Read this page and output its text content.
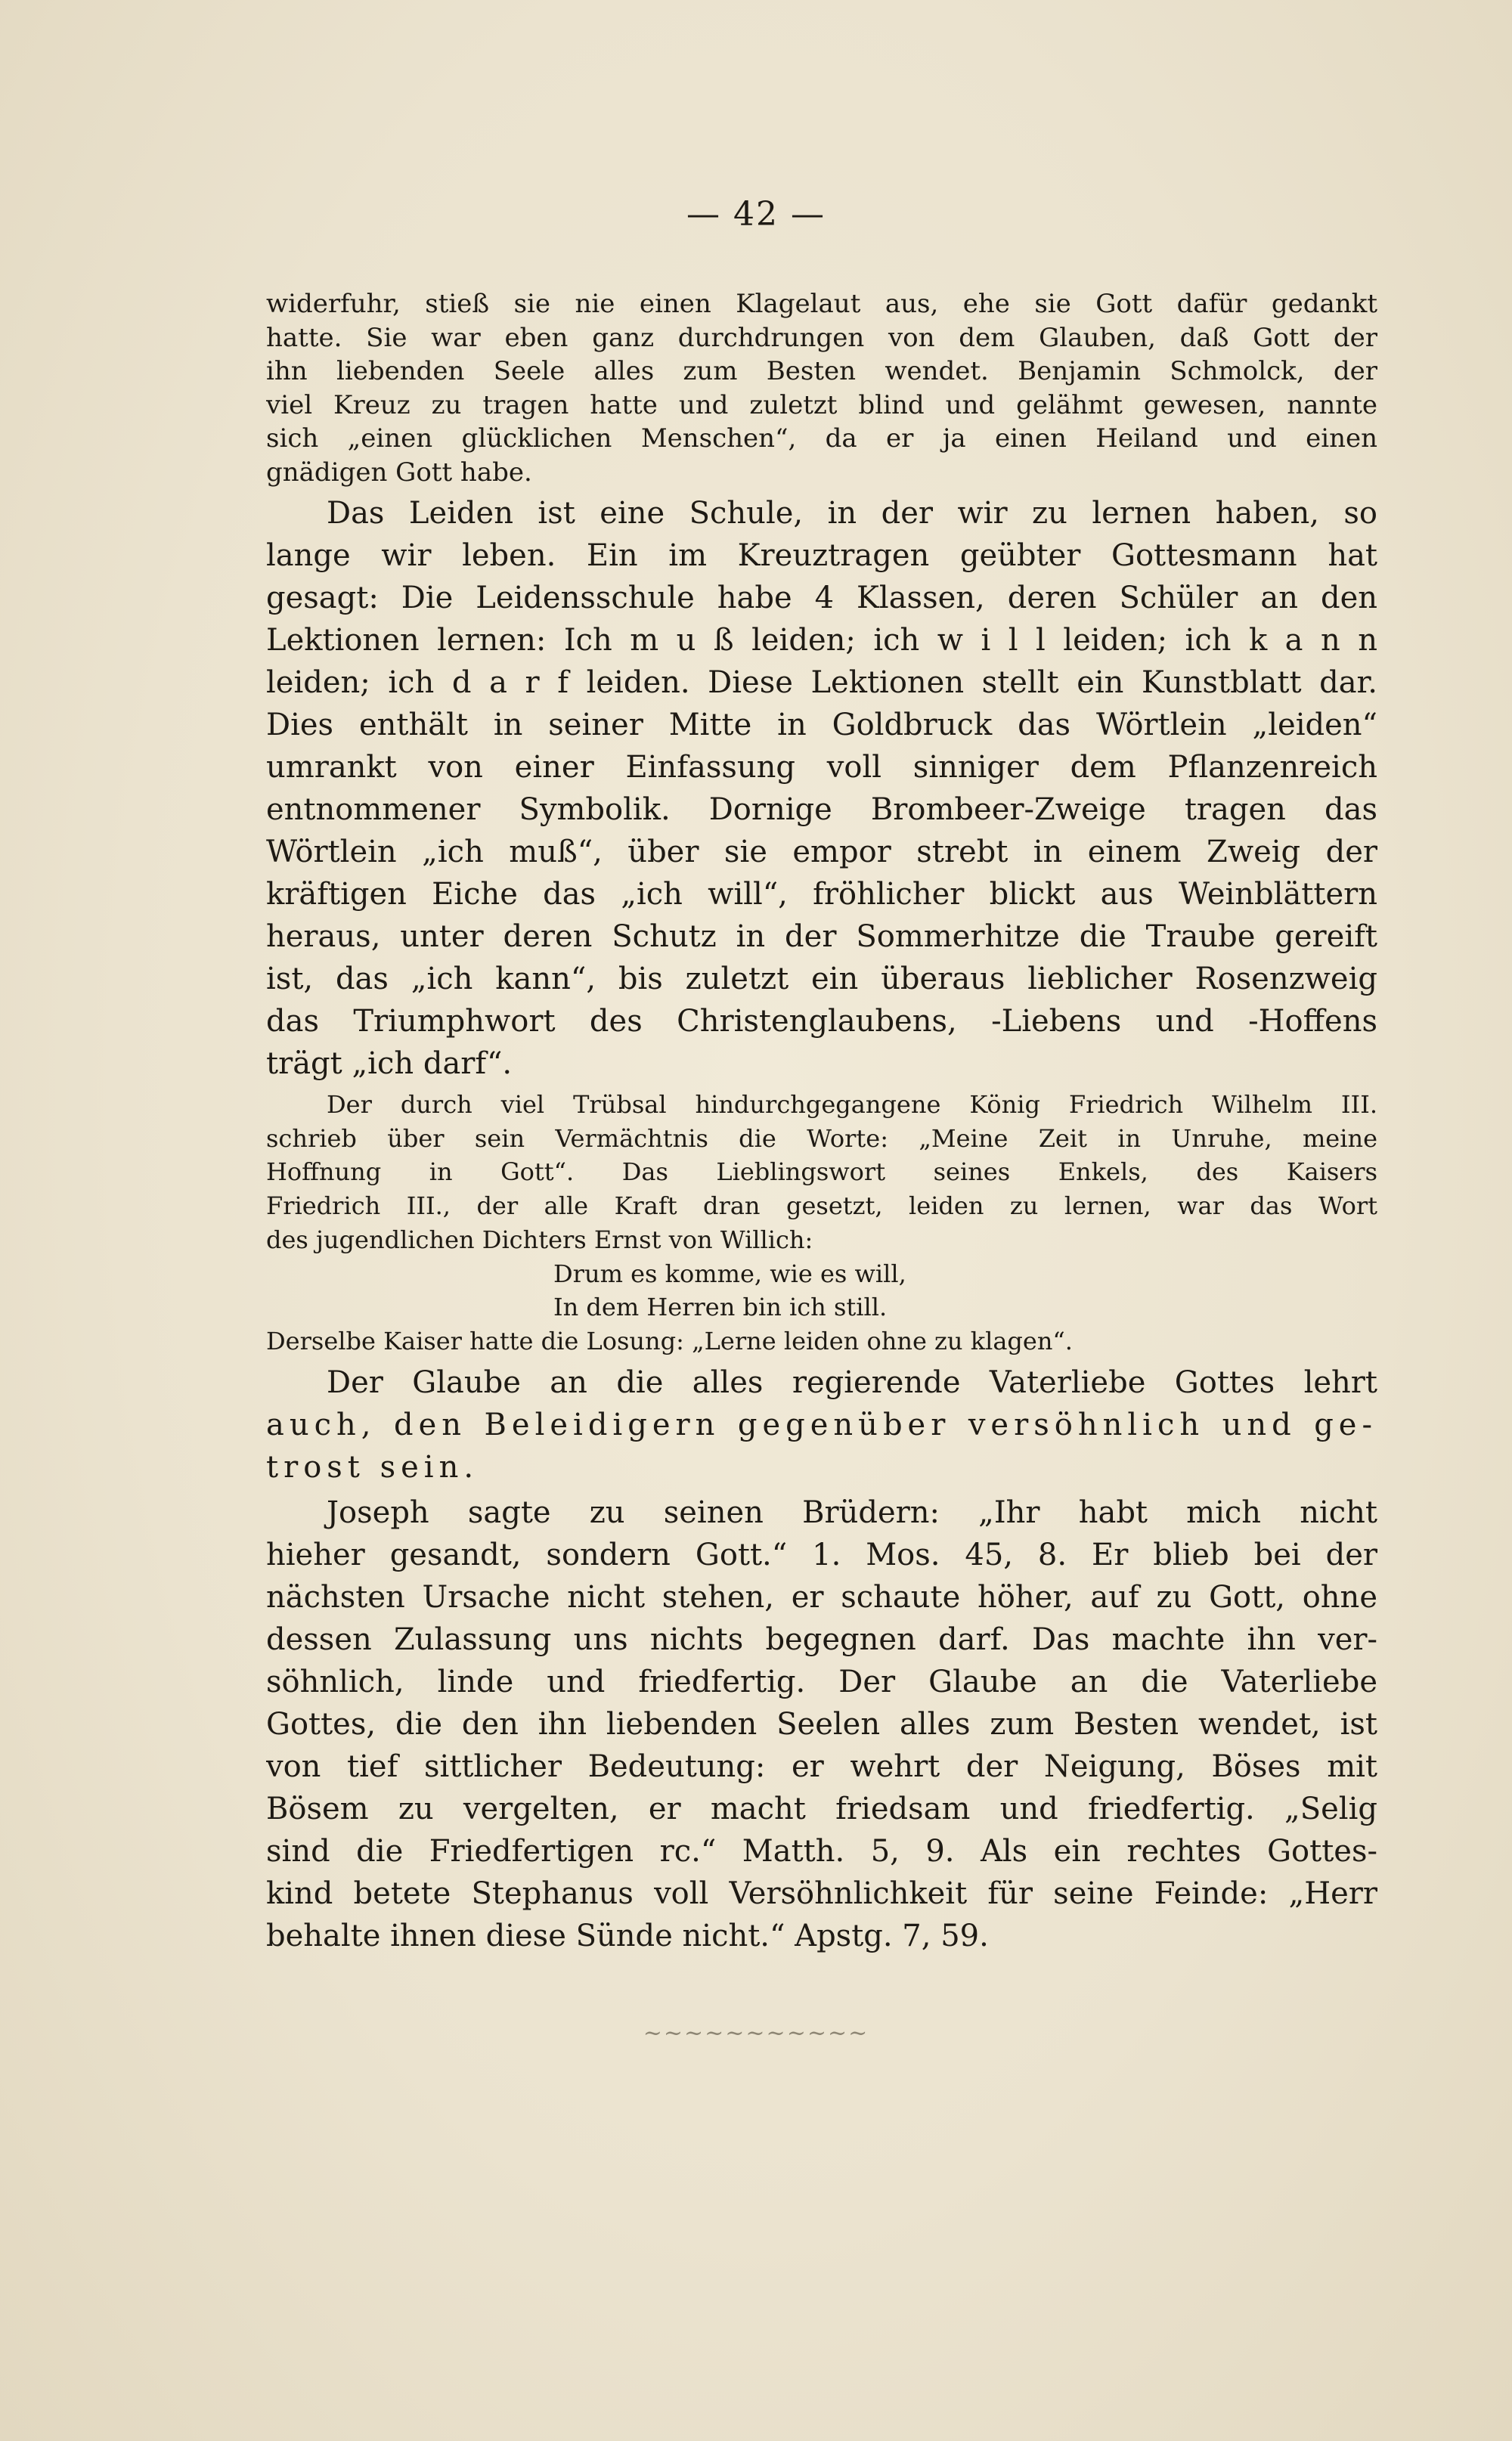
— 42 —
widerfuhr, stieß sie nie einen Klagelaut aus, ehe sie Gott dafür gedankt
hatte. Sie war eben ganz durchdrungen von dem Glauben, daß Gott der
ihn liebenden Seele alles zum Besten wendet. Benjamin Schmolck, der
viel Kreuz zu tragen hatte und zuletzt blind und gelähmt gewesen, nannte
sich „einen glücklichen Menschen“, da er ja einen Heiland und einen
gnädigen Gott habe.
Das Leiden ist eine Schule, in der wir zu lernen haben, so
lange wir leben. Ein im Kreuztragen geübter Gottesmann hat
gesagt: Die Leidensschule habe 4 Klassen, deren Schüler an den
Lektionen lernen: Ich m u ß leiden; ich w i l l leiden; ich k a n n
leiden; ich d a r f leiden. Diese Lektionen stellt ein Kunstblatt dar.
Dies enthält in seiner Mitte in Goldbruck das Wörtlein „leiden“
umrankt von einer Einfassung voll sinniger dem Pflanzenreich
entnommener Symbolik. Dornige Brombeer-Zweige tragen das
Wörtlein „ich muß“, über sie empor strebt in einem Zweig der
kräftigen Eiche das „ich will“, fröhlicher blickt aus Weinblättern
heraus, unter deren Schutz in der Sommerhitze die Traube gereift
ist, das „ich kann“, bis zuletzt ein überaus lieblicher Rosenzweig
das Triumphwort des Christenglaubens, -Liebens und -Hoffens
trägt „ich darf“.
Der durch viel Trübsal hindurchgegangene König Friedrich Wilhelm III.
schrieb über sein Vermächtnis die Worte: „Meine Zeit in Unruhe, meine
Hoffnung in Gott“. Das Lieblingswort seines Enkels, des Kaisers
Friedrich III., der alle Kraft dran gesetzt, leiden zu lernen, war das Wort
des jugendlichen Dichters Ernst von Willich:
Drum es komme, wie es will,
In dem Herren bin ich still.
Derselbe Kaiser hatte die Losung: „Lerne leiden ohne zu klagen“.
Der Glaube an die alles regierende Vaterliebe Gottes lehrt
auch, den Beleidigern gegenüber versöhnlich und ge-
trost sein.
Joseph sagte zu seinen Brüdern: „Ihr habt mich nicht
hieher gesandt, sondern Gott.“ 1. Mos. 45, 8. Er blieb bei der
nächsten Ursache nicht stehen, er schaute höher, auf zu Gott, ohne
dessen Zulassung uns nichts begegnen darf. Das machte ihn ver-
söhnlich, linde und friedfertig. Der Glaube an die Vaterliebe
Gottes, die den ihn liebenden Seelen alles zum Besten wendet, ist
von tief sittlicher Bedeutung: er wehrt der Neigung, Böses mit
Bösem zu vergelten, er macht friedsam und friedfertig. „Selig
sind die Friedfertigen rc.“ Matth. 5, 9. Als ein rechtes Gottes-
kind betete Stephanus voll Versöhnlichkeit für seine Feinde: „Herr
behalte ihnen diese Sünde nicht.“ Apstg. 7, 59.
~~~~~~~~~~~
